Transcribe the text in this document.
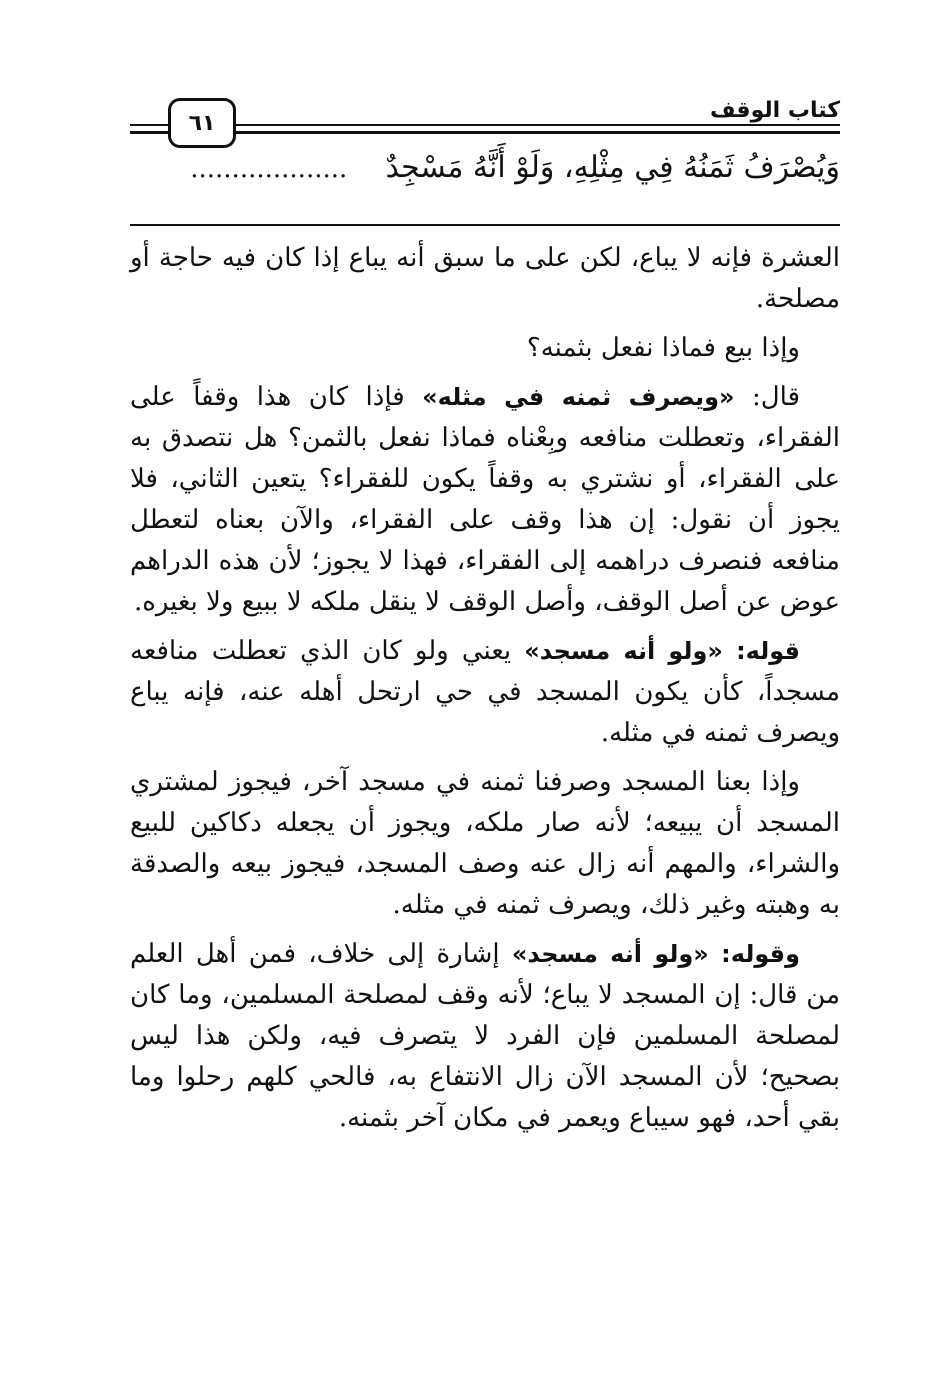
كتاب الوقف
٦١
وَيُصْرَفُ ثَمَنُهُ فِي مِثْلِهِ، وَلَوْ أَنَّهُ مَسْجِدٌ    ...................

العشرة فإنه لا يباع، لكن على ما سبق أنه يباع إذا كان فيه حاجة أو مصلحة.

وإذا بيع فماذا نفعل بثمنه؟

قال: «ويصرف ثمنه في مثله» فإذا كان هذا وقفاً على الفقراء، وتعطلت منافعه وبِعْناه فماذا نفعل بالثمن؟ هل نتصدق به على الفقراء، أو نشتري به وقفاً يكون للفقراء؟ يتعين الثاني، فلا يجوز أن نقول: إن هذا وقف على الفقراء، والآن بعناه لتعطل منافعه فنصرف دراهمه إلى الفقراء، فهذا لا يجوز؛ لأن هذه الدراهم عوض عن أصل الوقف، وأصل الوقف لا ينقل ملكه لا ببيع ولا بغيره.

قوله: «ولو أنه مسجد» يعني ولو كان الذي تعطلت منافعه مسجداً، كأن يكون المسجد في حي ارتحل أهله عنه، فإنه يباع ويصرف ثمنه في مثله.

وإذا بعنا المسجد وصرفنا ثمنه في مسجد آخر، فيجوز لمشتري المسجد أن يبيعه؛ لأنه صار ملكه، ويجوز أن يجعله دكاكين للبيع والشراء، والمهم أنه زال عنه وصف المسجد، فيجوز بيعه والصدقة به وهبته وغير ذلك، ويصرف ثمنه في مثله.

وقوله: «ولو أنه مسجد» إشارة إلى خلاف، فمن أهل العلم من قال: إن المسجد لا يباع؛ لأنه وقف لمصلحة المسلمين، وما كان لمصلحة المسلمين فإن الفرد لا يتصرف فيه، ولكن هذا ليس بصحيح؛ لأن المسجد الآن زال الانتفاع به، فالحي كلهم رحلوا وما بقي أحد، فهو سيباع ويعمر في مكان آخر بثمنه.
